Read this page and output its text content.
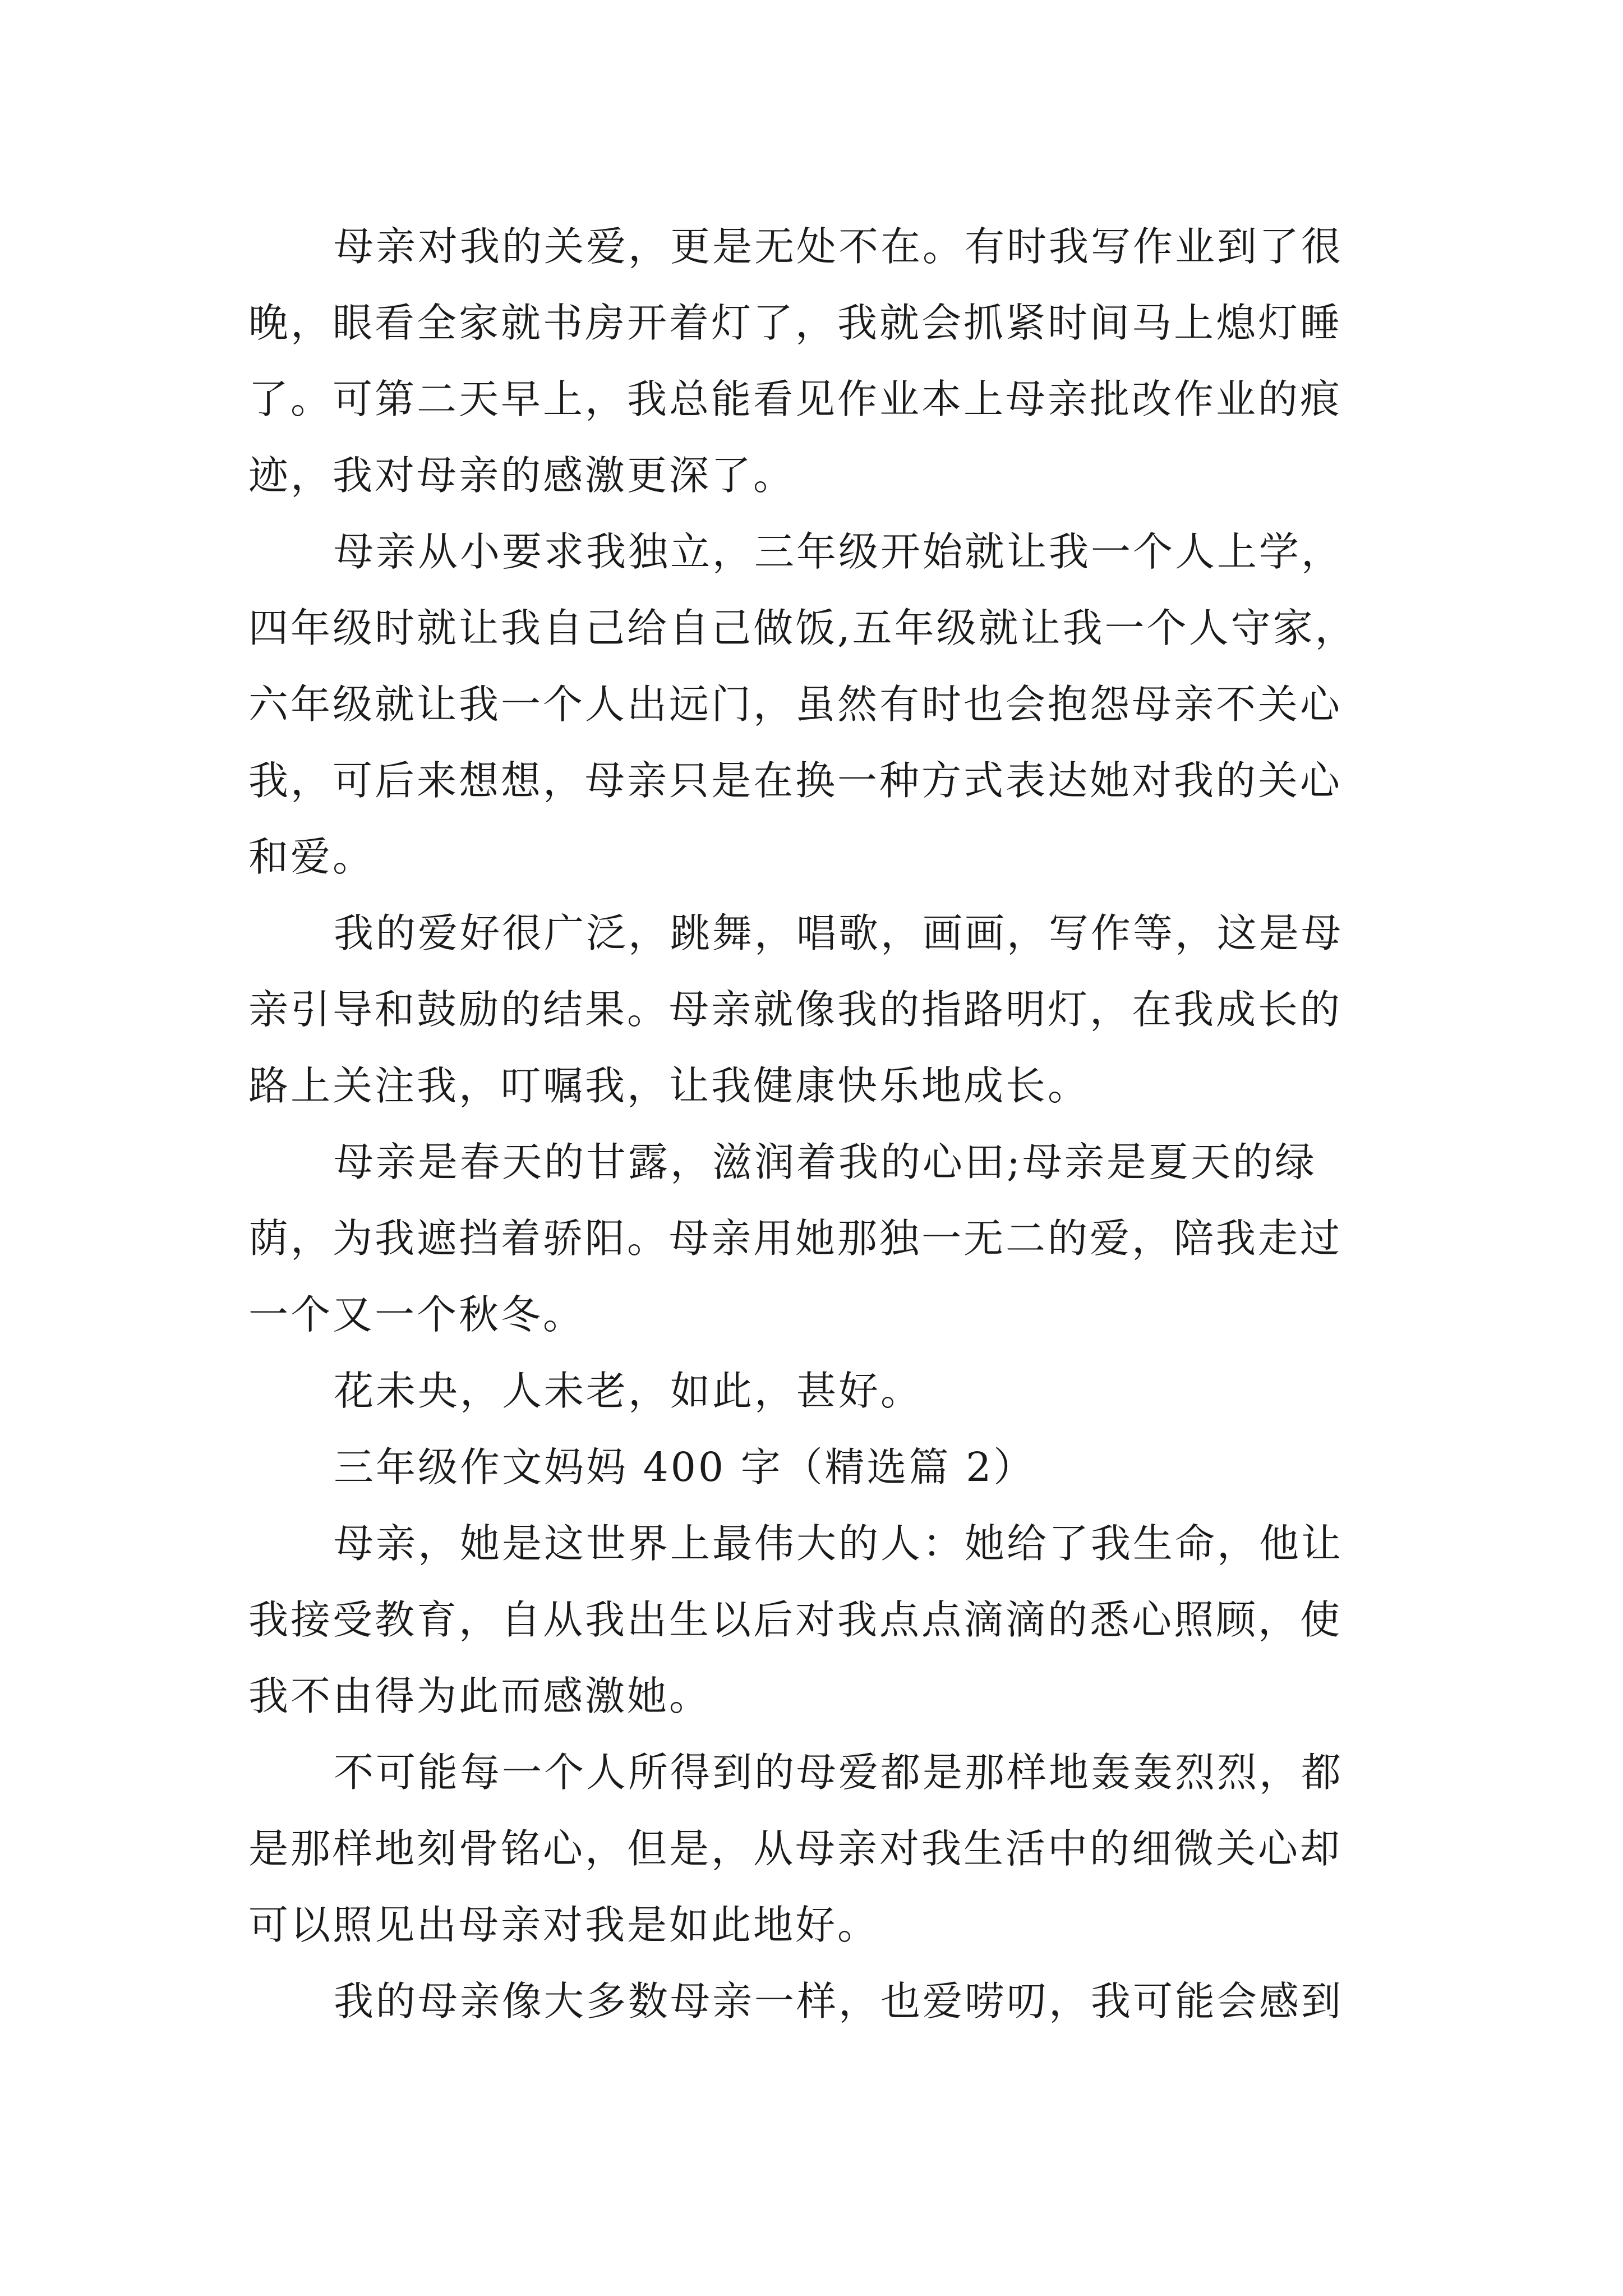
母亲对我的关爱，更是无处不在。有时我写作业到了很
晚，眼看全家就书房开着灯了，我就会抓紧时间马上熄灯睡
了。可第二天早上，我总能看见作业本上母亲批改作业的痕
迹，我对母亲的感激更深了。
母亲从小要求我独立，三年级开始就让我一个人上学，
四年级时就让我自己给自己做饭,五年级就让我一个人守家，
六年级就让我一个人出远门，虽然有时也会抱怨母亲不关心
我，可后来想想，母亲只是在换一种方式表达她对我的关心
和爱。
我的爱好很广泛，跳舞，唱歌，画画，写作等，这是母
亲引导和鼓励的结果。母亲就像我的指路明灯，在我成长的
路上关注我，叮嘱我，让我健康快乐地成长。
母亲是春天的甘露，滋润着我的心田;母亲是夏天的绿
荫，为我遮挡着骄阳。母亲用她那独一无二的爱，陪我走过
一个又一个秋冬。
花未央，人未老，如此，甚好。
三年级作文妈妈 400 字（精选篇 2）
母亲，她是这世界上最伟大的人：她给了我生命，他让
我接受教育，自从我出生以后对我点点滴滴的悉心照顾，使
我不由得为此而感激她。
不可能每一个人所得到的母爱都是那样地轰轰烈烈，都
是那样地刻骨铭心，但是，从母亲对我生活中的细微关心却
可以照见出母亲对我是如此地好。
我的母亲像大多数母亲一样，也爱唠叨，我可能会感到
